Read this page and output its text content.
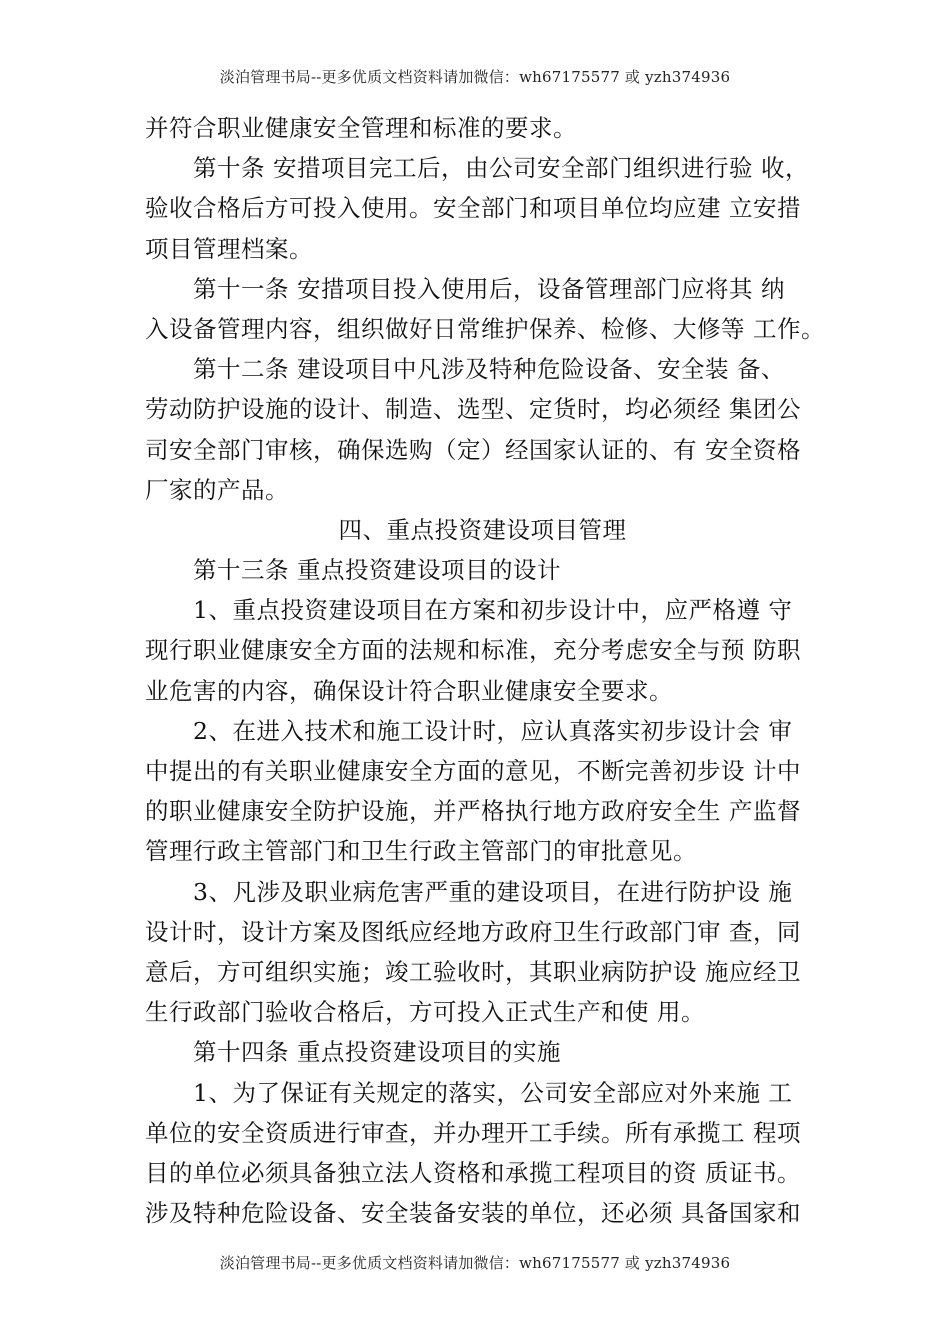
淡泊管理书局--更多优质文档资料请加微信：wh67175577 或 yzh374936
并符合职业健康安全管理和标准的要求。
第十条 安措项目完工后，由公司安全部门组织进行验 收，
验收合格后方可投入使用。安全部门和项目单位均应建 立安措
项目管理档案。
第十一条 安措项目投入使用后，设备管理部门应将其 纳
入设备管理内容，组织做好日常维护保养、检修、大修等 工作。
第十二条 建设项目中凡涉及特种危险设备、安全装 备、
劳动防护设施的设计、制造、选型、定货时，均必须经 集团公
司安全部门审核，确保选购（定）经国家认证的、有 安全资格
厂家的产品。
四、重点投资建设项目管理
第十三条 重点投资建设项目的设计
1、重点投资建设项目在方案和初步设计中，应严格遵 守
现行职业健康安全方面的法规和标准，充分考虑安全与预 防职
业危害的内容，确保设计符合职业健康安全要求。
2、在进入技术和施工设计时，应认真落实初步设计会 审
中提出的有关职业健康安全方面的意见，不断完善初步设 计中
的职业健康安全防护设施，并严格执行地方政府安全生 产监督
管理行政主管部门和卫生行政主管部门的审批意见。
3、凡涉及职业病危害严重的建设项目，在进行防护设 施
设计时，设计方案及图纸应经地方政府卫生行政部门审 查，同
意后，方可组织实施；竣工验收时，其职业病防护设 施应经卫
生行政部门验收合格后，方可投入正式生产和使 用。
第十四条 重点投资建设项目的实施
1、为了保证有关规定的落实，公司安全部应对外来施 工
单位的安全资质进行审查，并办理开工手续。所有承揽工 程项
目的单位必须具备独立法人资格和承揽工程项目的资 质证书。
涉及特种危险设备、安全装备安装的单位，还必须 具备国家和
淡泊管理书局--更多优质文档资料请加微信：wh67175577 或 yzh374936
